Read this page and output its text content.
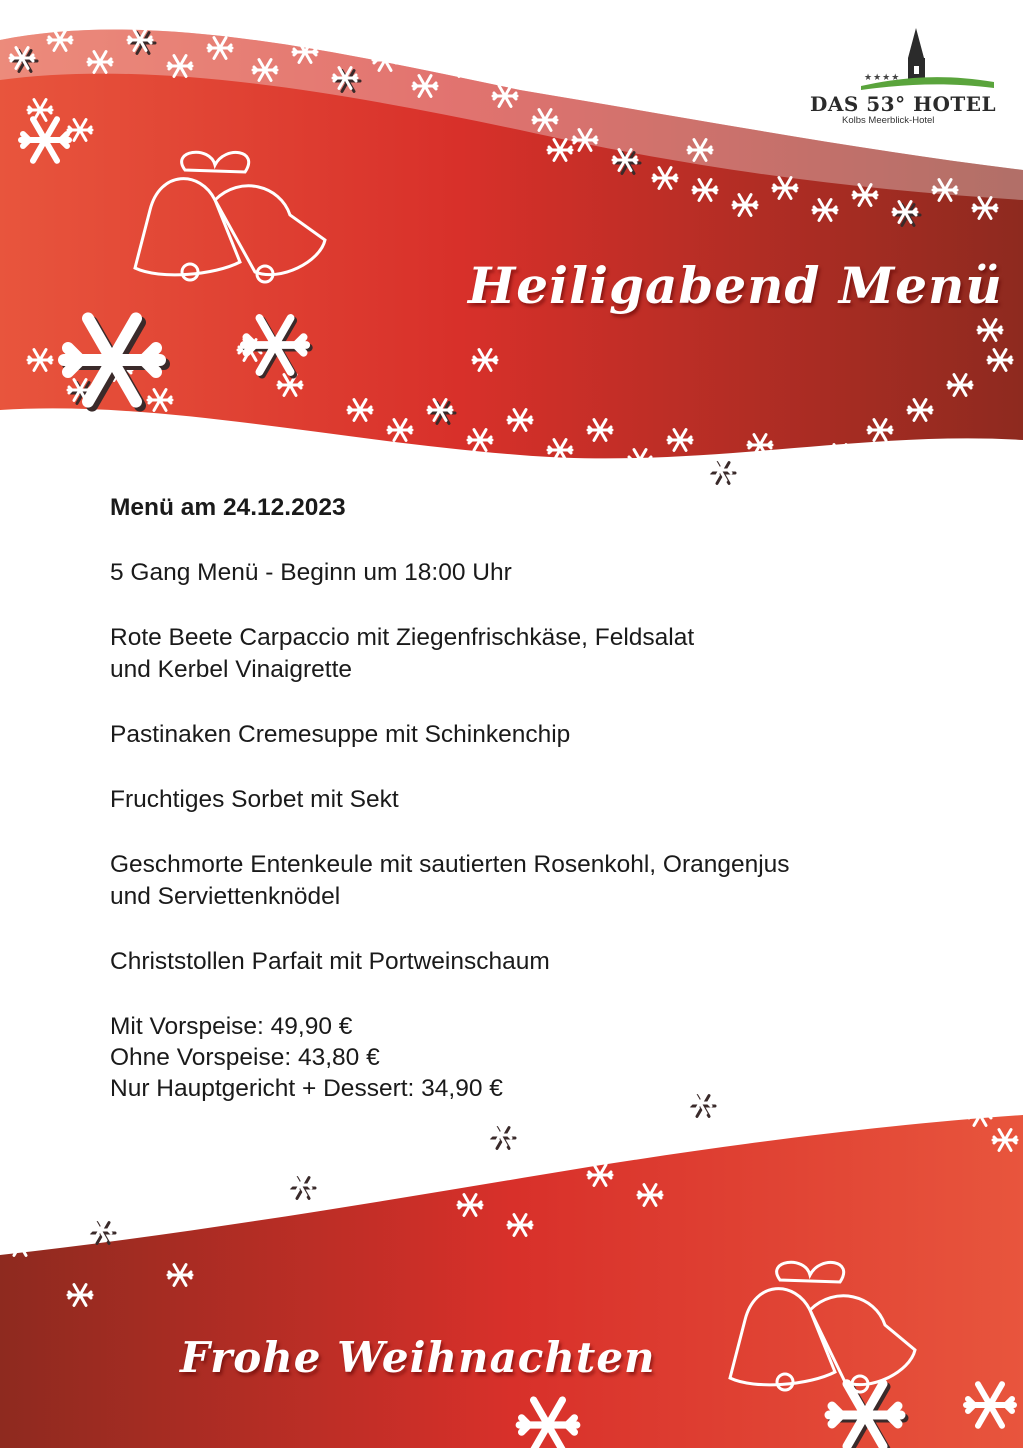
Heiligabend Menü
★★★★
DAS 53° HOTEL
Kolbs Meerblick-Hotel

Menü am 24.12.2023

5 Gang Menü - Beginn um 18:00 Uhr

Rote Beete Carpaccio mit Ziegenfrischkäse, Feldsalat

und Kerbel Vinaigrette

Pastinaken Cremesuppe mit Schinkenchip

Fruchtiges Sorbet mit Sekt

Geschmorte Entenkeule mit sautierten Rosenkohl, Orangenjus

und Serviettenknödel

Christstollen Parfait mit Portweinschaum

Mit Vorspeise: 49,90 €

Ohne Vorspeise: 43,80 €

Nur Hauptgericht + Dessert: 34,90 €

Frohe Weihnachten
